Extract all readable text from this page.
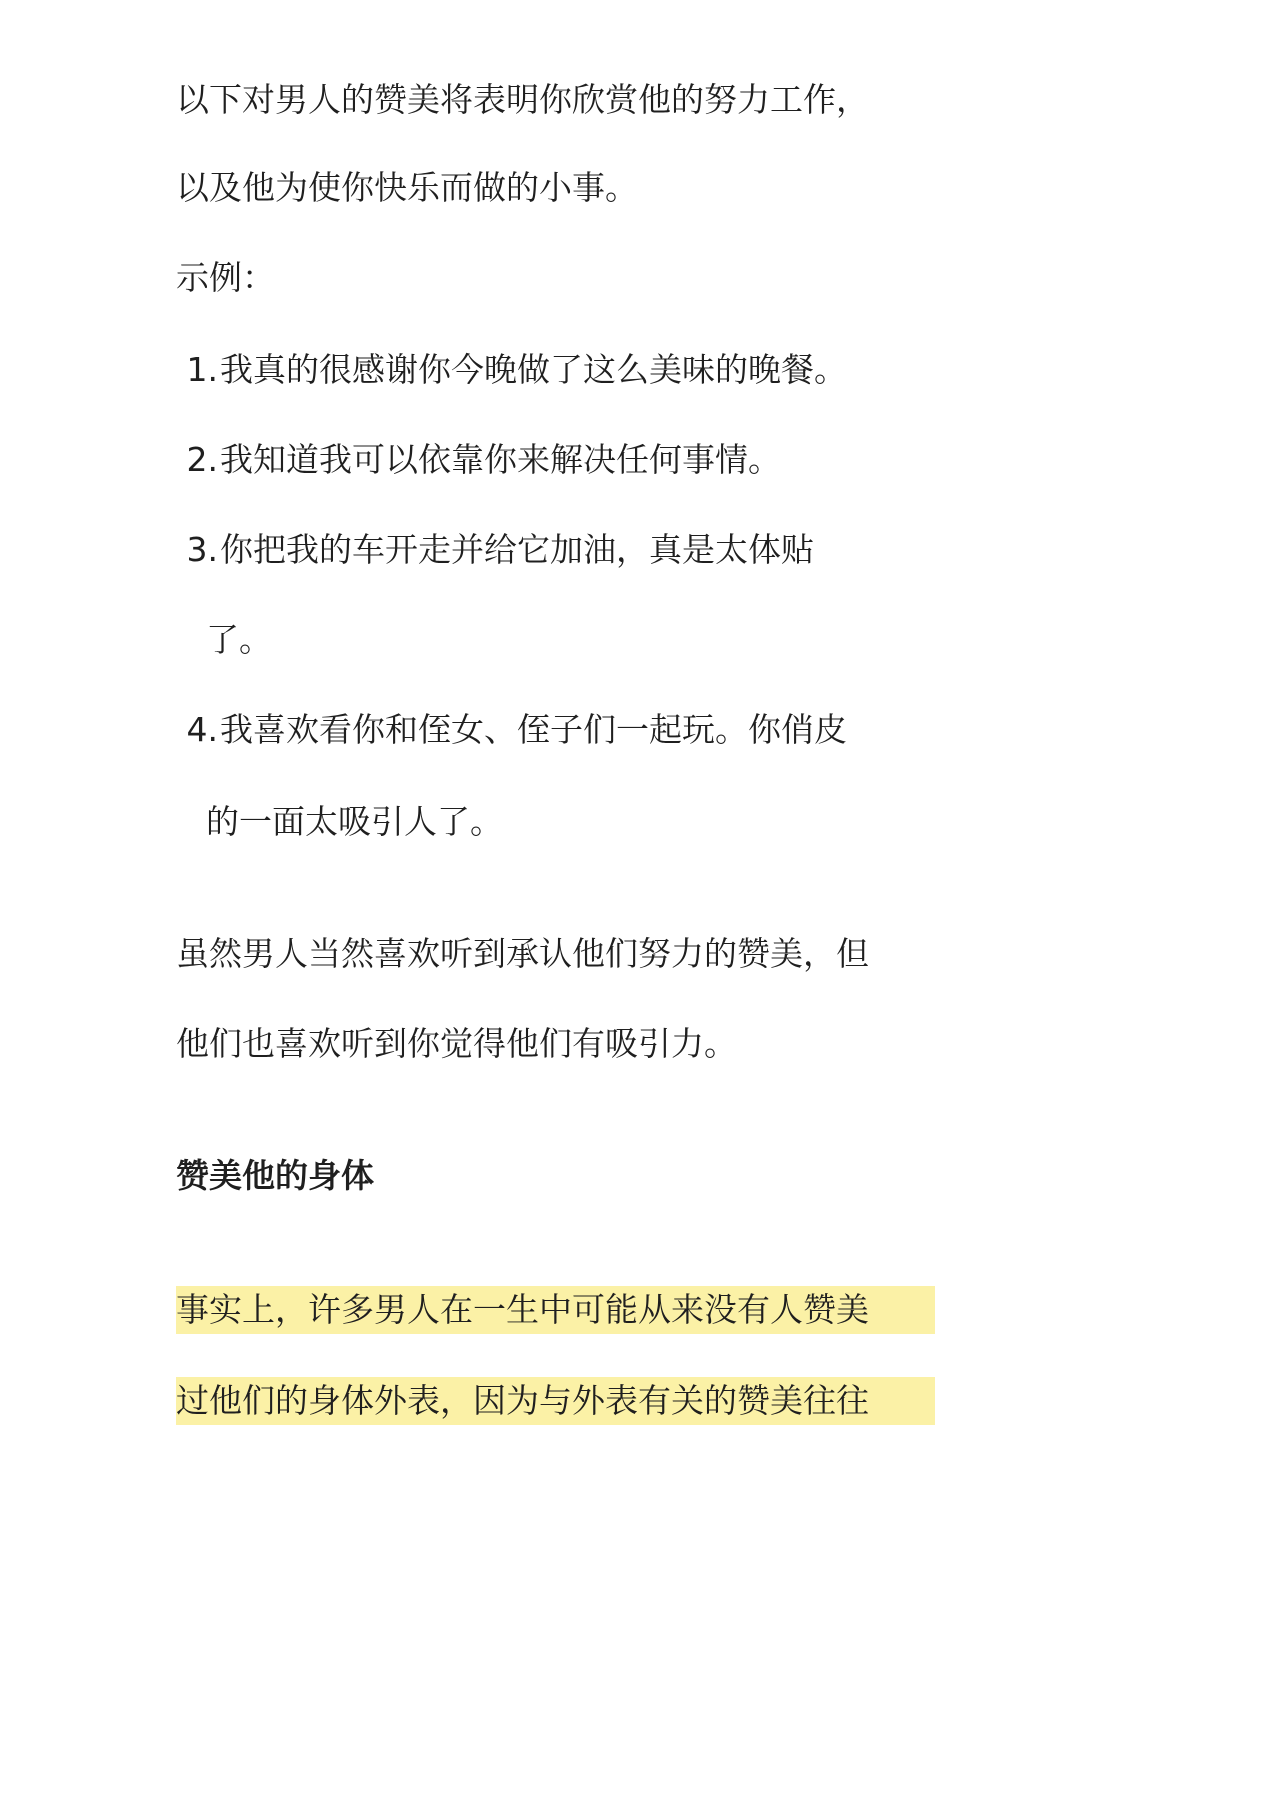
以下对男人的赞美将表明你欣赏他的努力工作，
以及他为使你快乐而做的小事。
示例：
1.我真的很感谢你今晚做了这么美味的晚餐。
2.我知道我可以依靠你来解决任何事情。
3.你把我的车开走并给它加油，真是太体贴
了。
4.我喜欢看你和侄女、侄子们一起玩。你俏皮
的一面太吸引人了。
虽然男人当然喜欢听到承认他们努力的赞美，但
他们也喜欢听到你觉得他们有吸引力。
赞美他的身体
事实上，许多男人在一生中可能从来没有人赞美
过他们的身体外表，因为与外表有关的赞美往往
